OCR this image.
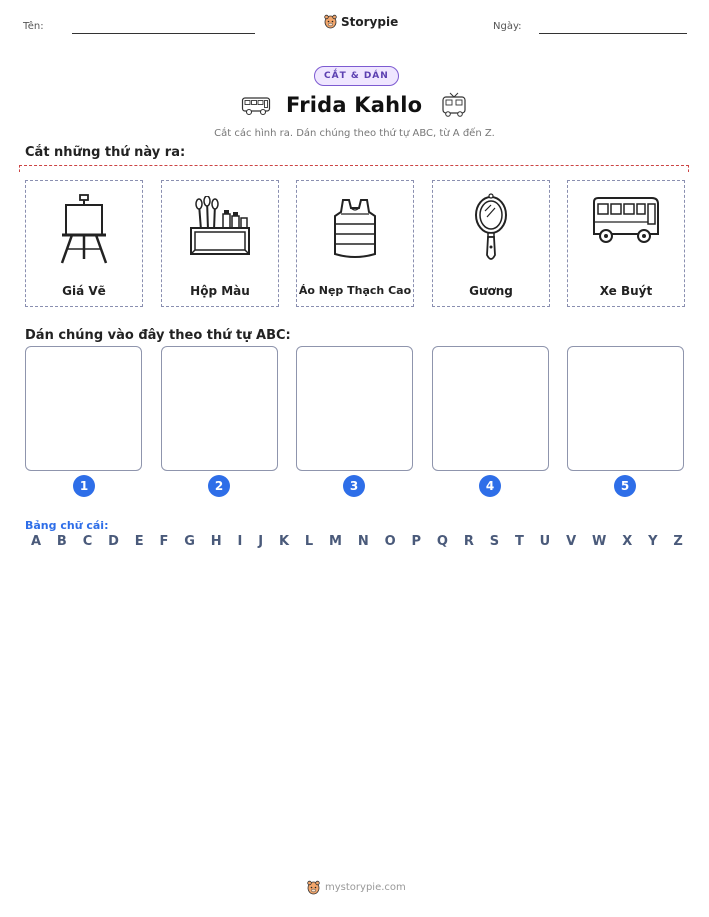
Tên:	Storypie	Ngày:
CẮT & DÁN
Frida Kahlo
Cắt các hình ra. Dán chúng theo thứ tự ABC, từ A đến Z.
Cắt những thứ này ra:
Giá Vẽ	Hộp Màu	Áo Nẹp Thạch Cao	Gương	Xe Buýt
Dán chúng vào đây theo thứ tự ABC:
1	2	3	4	5
Bảng chữ cái:
A B C D E F G H I J K L M N O P Q R S T U V W X Y Z
mystorypie.com
